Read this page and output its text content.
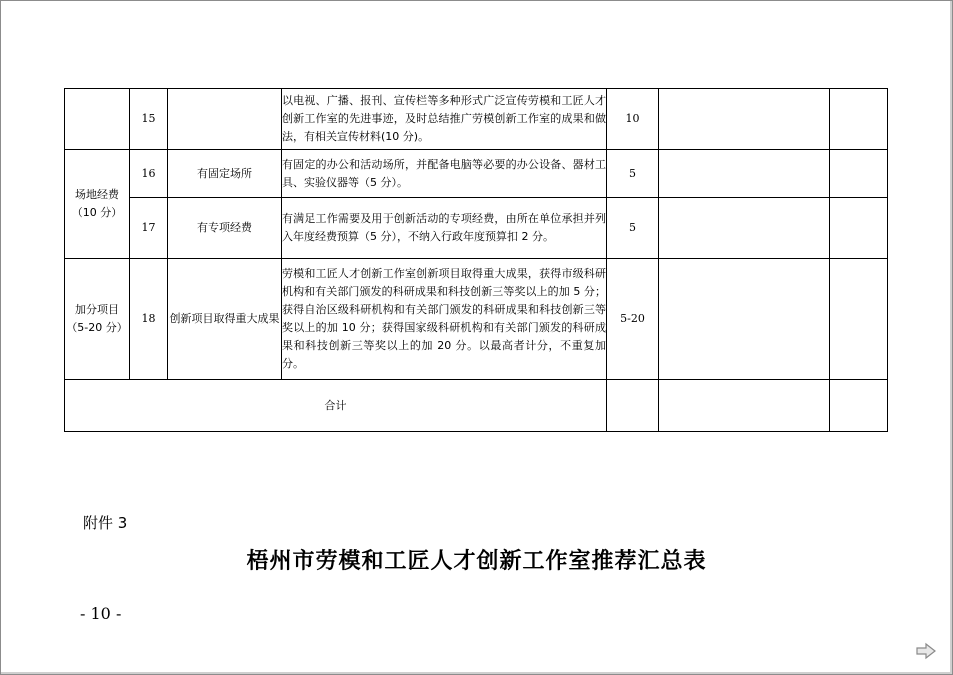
	15		以电视、广播、报刊、宣传栏等多种形式广泛宣传劳模和工匠人才创新工作室的先进事迹，及时总结推广劳模创新工作室的成果和做法，有相关宣传材料(10 分)。	10		
场地经费（10 分）	16	有固定场所	有固定的办公和活动场所，并配备电脑等必要的办公设备、器材工具、实验仪器等（5 分）。	5		
	17	有专项经费	有满足工作需要及用于创新活动的专项经费，由所在单位承担并列入年度经费预算（5 分），不纳入行政年度预算扣 2 分。	5		
加分项目（5-20 分）	18	创新项目取得重大成果	劳模和工匠人才创新工作室创新项目取得重大成果，获得市级科研机构和有关部门颁发的科研成果和科技创新三等奖以上的加 5 分；获得自治区级科研机构和有关部门颁发的科研成果和科技创新三等奖以上的加 10 分；获得国家级科研机构和有关部门颁发的科研成果和科技创新三等奖以上的加 20 分。以最高者计分，不重复加分。	5-20		
合计						
附件 3
梧州市劳模和工匠人才创新工作室推荐汇总表
- 10 -
